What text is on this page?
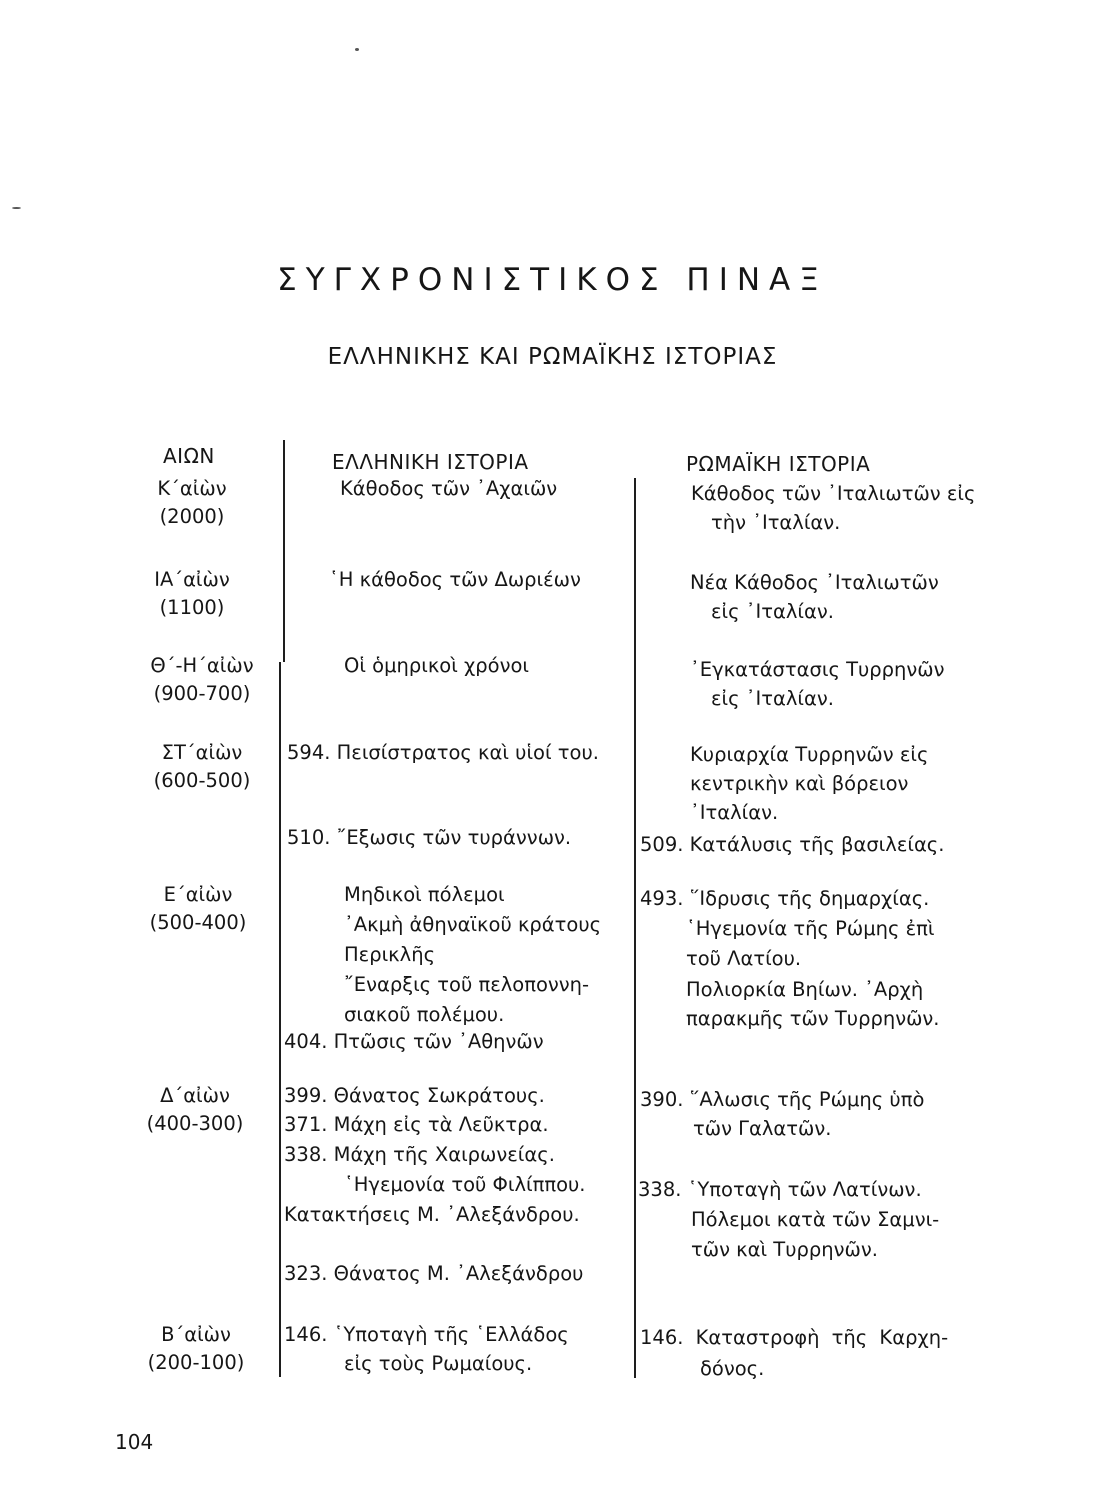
ΣΥΓΧΡΟΝΙΣΤΙΚΟΣ ΠΙΝΑΞ
ΕΛΛΗΝΙΚΗΣ ΚΑΙ ΡΩΜΑΪΚΗΣ ΙΣΤΟΡΙΑΣ
ΑΙΩΝ	ΕΛΛΗΝΙΚΗ ΙΣΤΟΡΙΑ	ΡΩΜΑΪΚΗ ΙΣΤΟΡΙΑ
Κ΄αἰὼν
(2000)
ΙΑ΄αἰὼν
(1100)
Θ΄-Η΄αἰὼν
(900-700)
ΣΤ΄αἰὼν
(600-500)
Ε΄αἰὼν
(500-400)
Δ΄αἰὼν
(400-300)
Β΄αἰὼν
(200-100)
Κάθοδος τῶν ᾿Αχαιῶν
῾Η κάθοδος τῶν Δωριέων
Οἱ ὁμηρικοὶ χρόνοι
594. Πεισίστρατος καὶ υἱοί του.
510. ῎Εξωσις τῶν τυράννων.
Μηδικοὶ πόλεμοι
᾿Ακμὴ ἀθηναϊκοῦ κράτους
Περικλῆς
῎Εναρξις τοῦ πελοποννη-
σιακοῦ πολέμου.
404. Πτῶσις τῶν ᾿Αθηνῶν
399. Θάνατος Σωκράτους.
371. Μάχη εἰς τὰ Λεῦκτρα.
338. Μάχη τῆς Χαιρωνείας.
῾Ηγεμονία τοῦ Φιλίππου.
Κατακτήσεις Μ. ᾿Αλεξάνδρου.
323. Θάνατος Μ. ᾿Αλεξάνδρου
146. ῾Υποταγὴ τῆς ῾Ελλάδος
εἰς τοὺς Ρωμαίους.
Κάθοδος τῶν ᾿Ιταλιωτῶν εἰς
τὴν ᾿Ιταλίαν.
Νέα Κάθοδος ᾿Ιταλιωτῶν
εἰς ᾿Ιταλίαν.
᾿Εγκατάστασις Τυρρηνῶν
εἰς ᾿Ιταλίαν.
Κυριαρχία Τυρρηνῶν εἰς
κεντρικὴν καὶ βόρειον
᾿Ιταλίαν.
509. Κατάλυσις τῆς βασιλείας.
493. ῞Ιδρυσις τῆς δημαρχίας.
῾Ηγεμονία τῆς Ρώμης ἐπὶ
τοῦ Λατίου.
Πολιορκία Βηίων. ᾿Αρχὴ
παρακμῆς τῶν Τυρρηνῶν.
390. ῞Αλωσις τῆς Ρώμης ὑπὸ
τῶν Γαλατῶν.
338. ῾Υποταγὴ τῶν Λατίνων.
Πόλεμοι κατὰ τῶν Σαμνι-
τῶν καὶ Τυρρηνῶν.
146. Καταστροφὴ τῆς Καρχη-
δόνος.
104
